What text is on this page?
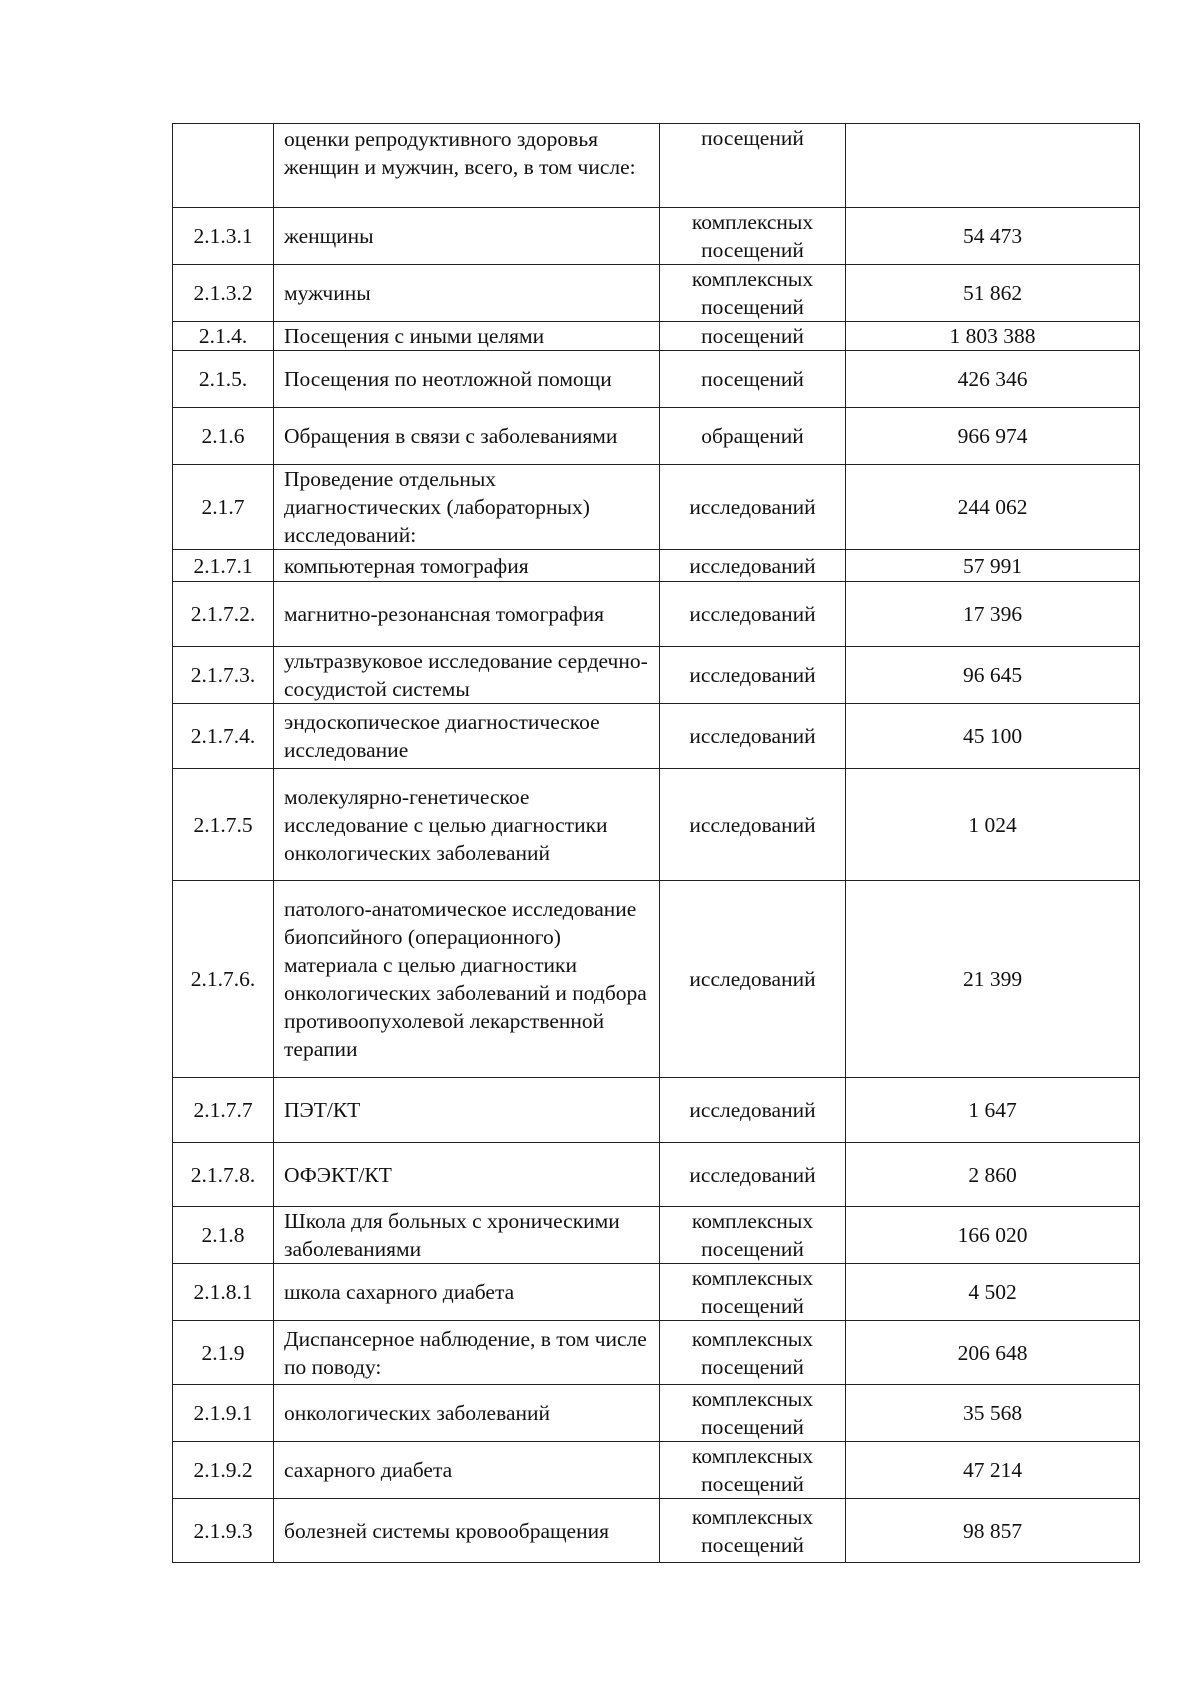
	оценки репродуктивного здоровья женщин и мужчин, всего, в том числе:	посещений	
2.1.3.1	женщины	комплексных посещений	54 473
2.1.3.2	мужчины	комплексных посещений	51 862
2.1.4.	Посещения с иными целями	посещений	1 803 388
2.1.5.	Посещения по неотложной помощи	посещений	426 346
2.1.6	Обращения в связи с заболеваниями	обращений	966 974
2.1.7	Проведение отдельных диагностических (лабораторных) исследований:	исследований	244 062
2.1.7.1	компьютерная томография	исследований	57 991
2.1.7.2.	магнитно-резонансная томография	исследований	17 396
2.1.7.3.	ультразвуковое исследование сердечно-сосудистой системы	исследований	96 645
2.1.7.4.	эндоскопическое диагностическое исследование	исследований	45 100
2.1.7.5	молекулярно-генетическое исследование с целью диагностики онкологических заболеваний	исследований	1 024
2.1.7.6.	патолого-анатомическое исследование биопсийного (операционного) материала с целью диагностики онкологических заболеваний и подбора противоопухолевой лекарственной терапии	исследований	21 399
2.1.7.7	ПЭТ/КТ	исследований	1 647
2.1.7.8.	ОФЭКТ/КТ	исследований	2 860
2.1.8	Школа для больных с хроническими заболеваниями	комплексных посещений	166 020
2.1.8.1	школа сахарного диабета	комплексных посещений	4 502
2.1.9	Диспансерное наблюдение, в том числе по поводу:	комплексных посещений	206 648
2.1.9.1	онкологических заболеваний	комплексных посещений	35 568
2.1.9.2	сахарного диабета	комплексных посещений	47 214
2.1.9.3	болезней системы кровообращения	комплексных посещений	98 857
